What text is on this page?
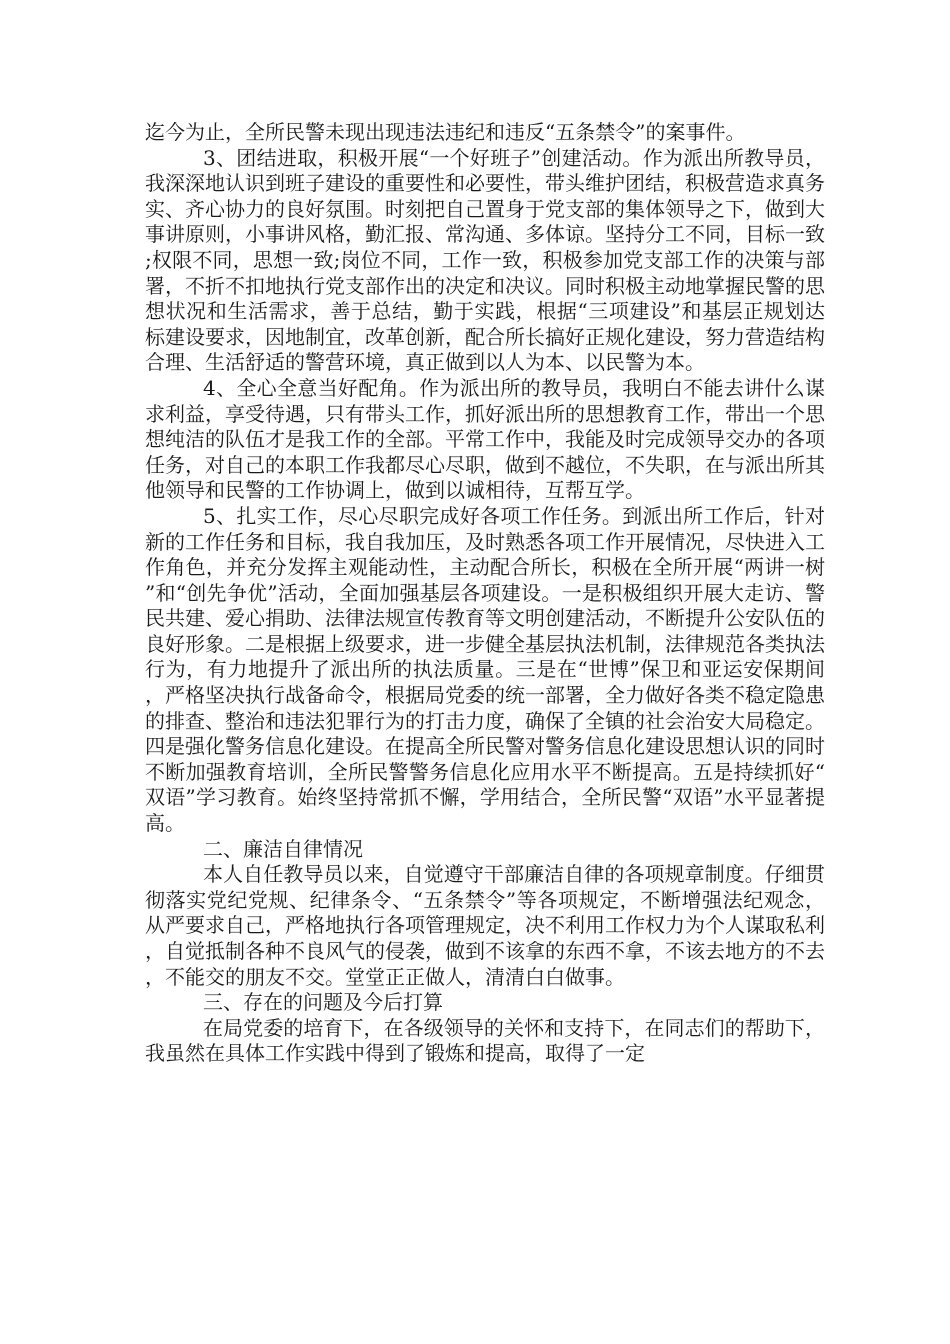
迄今为止，全所民警未现出现违法违纪和违反“五条禁令”的案事件。

3、团结进取，积极开展“一个好班子”创建活动。作为派出所教导员，我深深地认识到班子建设的重要性和必要性，带头维护团结，积极营造求真务实、齐心协力的良好氛围。时刻把自己置身于党支部的集体领导之下，做到大事讲原则，小事讲风格，勤汇报、常沟通、多体谅。坚持分工不同，目标一致;权限不同，思想一致;岗位不同，工作一致，积极参加党支部工作的决策与部署，不折不扣地执行党支部作出的决定和决议。同时积极主动地掌握民警的思想状况和生活需求，善于总结，勤于实践，根据“三项建设”和基层正规划达标建设要求，因地制宜，改革创新，配合所长搞好正规化建设，努力营造结构合理、生活舒适的警营环境，真正做到以人为本、以民警为本。

4、全心全意当好配角。作为派出所的教导员，我明白不能去讲什么谋求利益，享受待遇，只有带头工作，抓好派出所的思想教育工作，带出一个思想纯洁的队伍才是我工作的全部。平常工作中，我能及时完成领导交办的各项任务，对自己的本职工作我都尽心尽职，做到不越位，不失职，在与派出所其他领导和民警的工作协调上，做到以诚相待，互帮互学。

5、扎实工作，尽心尽职完成好各项工作任务。到派出所工作后，针对新的工作任务和目标，我自我加压，及时熟悉各项工作开展情况，尽快进入工作角色，并充分发挥主观能动性，主动配合所长，积极在全所开展“两讲一树”和“创先争优”活动，全面加强基层各项建设。一是积极组织开展大走访、警民共建、爱心捐助、法律法规宣传教育等文明创建活动，不断提升公安队伍的良好形象。二是根据上级要求，进一步健全基层执法机制，法律规范各类执法行为，有力地提升了派出所的执法质量。三是在“世博”保卫和亚运安保期间，严格坚决执行战备命令，根据局党委的统一部署，全力做好各类不稳定隐患的排查、整治和违法犯罪行为的打击力度，确保了全镇的社会治安大局稳定。四是强化警务信息化建设。在提高全所民警对警务信息化建设思想认识的同时不断加强教育培训，全所民警警务信息化应用水平不断提高。五是持续抓好“双语”学习教育。始终坚持常抓不懈，学用结合，全所民警“双语”水平显著提高。

二、廉洁自律情况

本人自任教导员以来，自觉遵守干部廉洁自律的各项规章制度。仔细贯彻落实党纪党规、纪律条令、“五条禁令”等各项规定，不断增强法纪观念，从严要求自己，严格地执行各项管理规定，决不利用工作权力为个人谋取私利，自觉抵制各种不良风气的侵袭，做到不该拿的东西不拿，不该去地方的不去，不能交的朋友不交。堂堂正正做人，清清白白做事。

三、存在的问题及今后打算

在局党委的培育下，在各级领导的关怀和支持下，在同志们的帮助下，我虽然在具体工作实践中得到了锻炼和提高，取得了一定
